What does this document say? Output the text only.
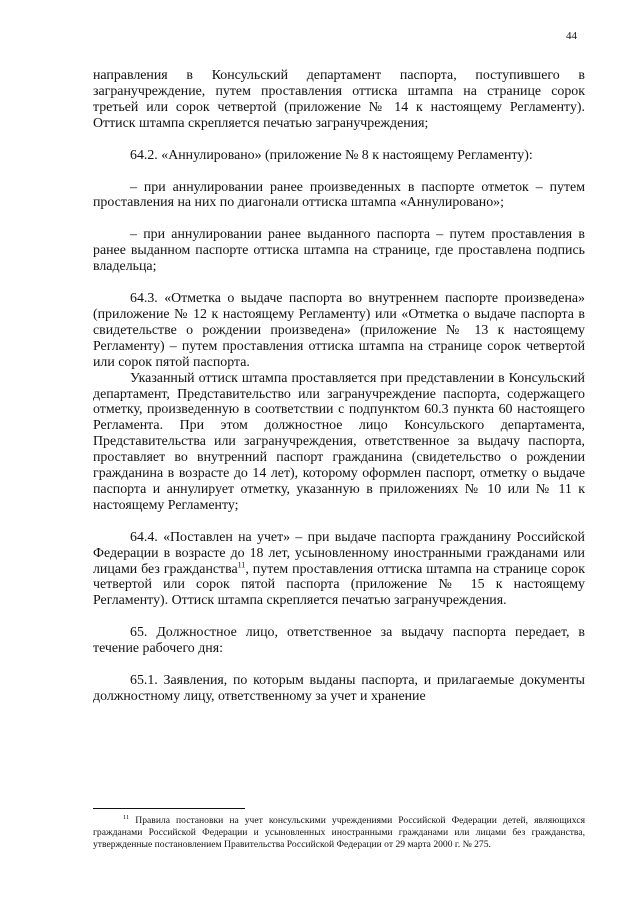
44

направления в Консульский департамент паспорта, поступившего в загранучреждение, путем проставления оттиска штампа на странице сорок третьей или сорок четвертой (приложение № 14 к настоящему Регламенту). Оттиск штампа скрепляется печатью загранучреждения;

64.2. «Аннулировано» (приложение № 8 к настоящему Регламенту):

– при аннулировании ранее произведенных в паспорте отметок – путем проставления на них по диагонали оттиска штампа «Аннулировано»;

– при аннулировании ранее выданного паспорта – путем проставления в ранее выданном паспорте оттиска штампа на странице, где проставлена подпись владельца;

64.3. «Отметка о выдаче паспорта во внутреннем паспорте произведена» (приложение № 12 к настоящему Регламенту) или «Отметка о выдаче паспорта в свидетельстве о рождении произведена» (приложение № 13 к настоящему Регламенту) – путем проставления оттиска штампа на странице сорок четвертой или сорок пятой паспорта.

Указанный оттиск штампа проставляется при представлении в Консульский департамент, Представительство или загранучреждение паспорта, содержащего отметку, произведенную в соответствии с подпунктом 60.3 пункта 60 настоящего Регламента. При этом должностное лицо Консульского департамента, Представительства или загранучреждения, ответственное за выдачу паспорта, проставляет во внутренний паспорт гражданина (свидетельство о рождении гражданина в возрасте до 14 лет), которому оформлен паспорт, отметку о выдаче паспорта и аннулирует отметку, указанную в приложениях № 10 или № 11 к настоящему Регламенту;

64.4. «Поставлен на учет» – при выдаче паспорта гражданину Российской Федерации в возрасте до 18 лет, усыновленному иностранными гражданами или лицами без гражданства$^{11}$, путем проставления оттиска штампа на странице сорок четвертой или сорок пятой паспорта (приложение № 15 к настоящему Регламенту). Оттиск штампа скрепляется печатью загранучреждения.

65. Должностное лицо, ответственное за выдачу паспорта передает, в течение рабочего дня:

65.1. Заявления, по которым выданы паспорта, и прилагаемые документы должностному лицу, ответственному за учет и хранение

$^{11}$ Правила постановки на учет консульскими учреждениями Российской Федерации детей, являющихся гражданами Российской Федерации и усыновленных иностранными гражданами или лицами без гражданства, утвержденные постановлением Правительства Российской Федерации от 29 марта 2000 г. № 275.
